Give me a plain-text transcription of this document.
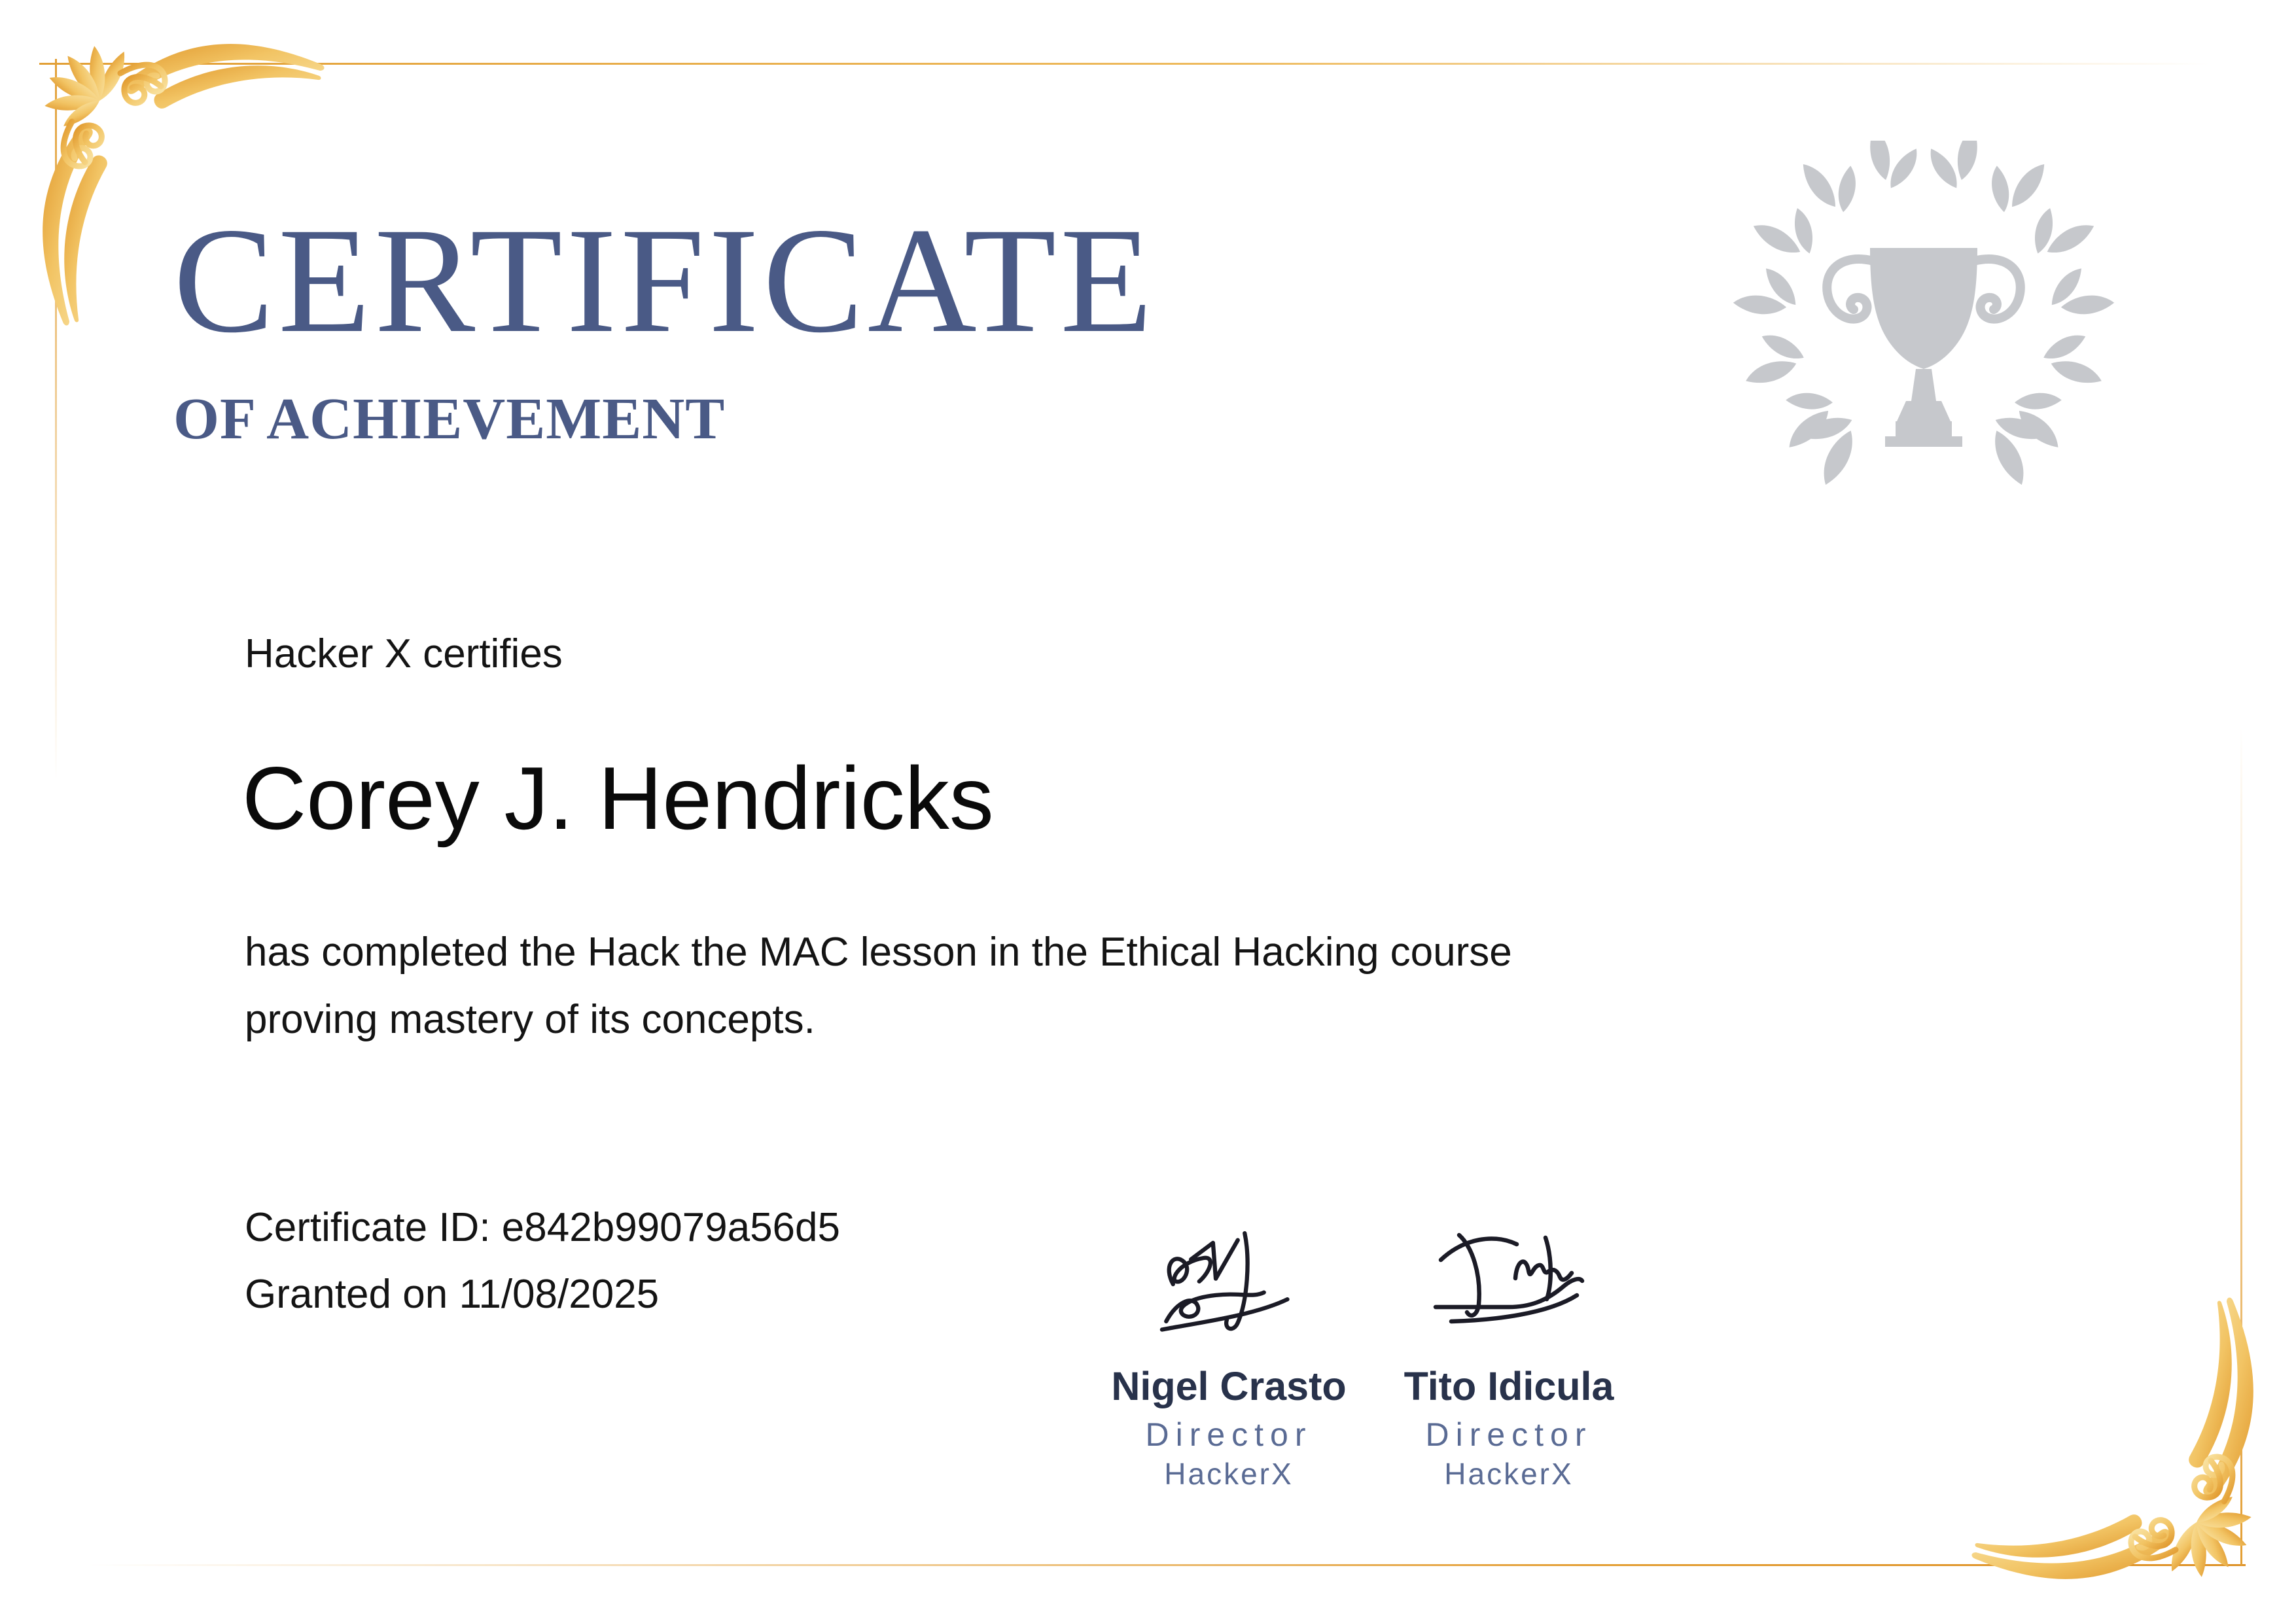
CERTIFICATE
OF ACHIEVEMENT
Hacker X certifies
Corey J. Hendricks
has completed the Hack the MAC lesson in the Ethical Hacking course
proving mastery of its concepts.
Certificate ID: e842b99079a56d5
Granted on 11/08/2025
Nigel Crasto
Director
HackerX
Tito Idicula
Director
HackerX
